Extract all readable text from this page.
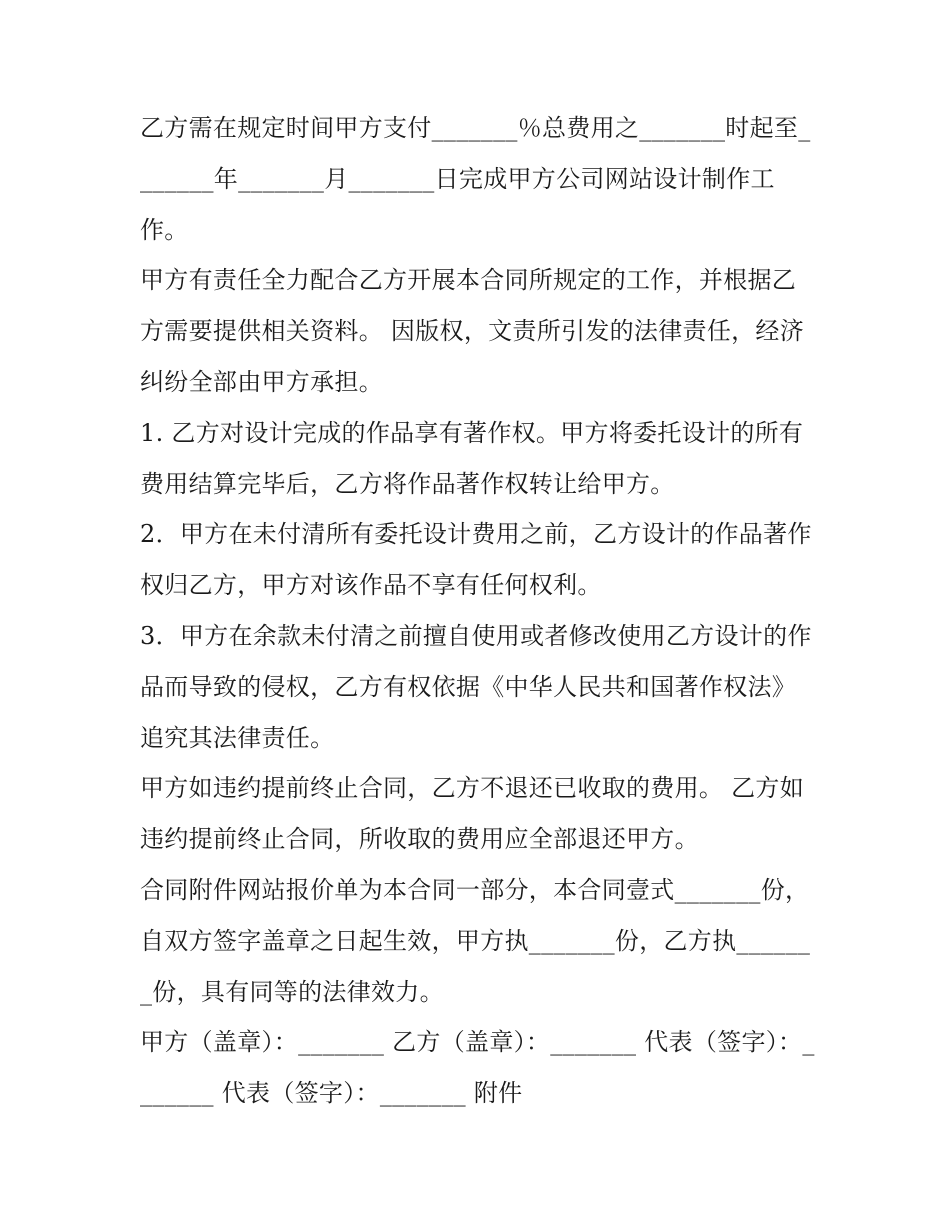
乙方需在规定时间甲方支付_______％总费用之_______时起至_______年_______月_______日完成甲方公司网站设计制作工作。

甲方有责任全力配合乙方开展本合同所规定的工作，并根据乙方需要提供相关资料。 因版权，文责所引发的法律责任，经济纠纷全部由甲方承担。

1. 乙方对设计完成的作品享有著作权。甲方将委托设计的所有费用结算完毕后，乙方将作品著作权转让给甲方。

2．甲方在未付清所有委托设计费用之前，乙方设计的作品著作权归乙方，甲方对该作品不享有任何权利。

3．甲方在余款未付清之前擅自使用或者修改使用乙方设计的作品而导致的侵权，乙方有权依据《中华人民共和国著作权法》追究其法律责任。

甲方如违约提前终止合同，乙方不退还已收取的费用。 乙方如违约提前终止合同，所收取的费用应全部退还甲方。

合同附件网站报价单为本合同一部分，本合同壹式_______份，自双方签字盖章之日起生效，甲方执_______份，乙方执_______份，具有同等的法律效力。

甲方（盖章）：_______ 乙方（盖章）：_______ 代表（签字）：_______ 代表（签字）：_______ 附件
